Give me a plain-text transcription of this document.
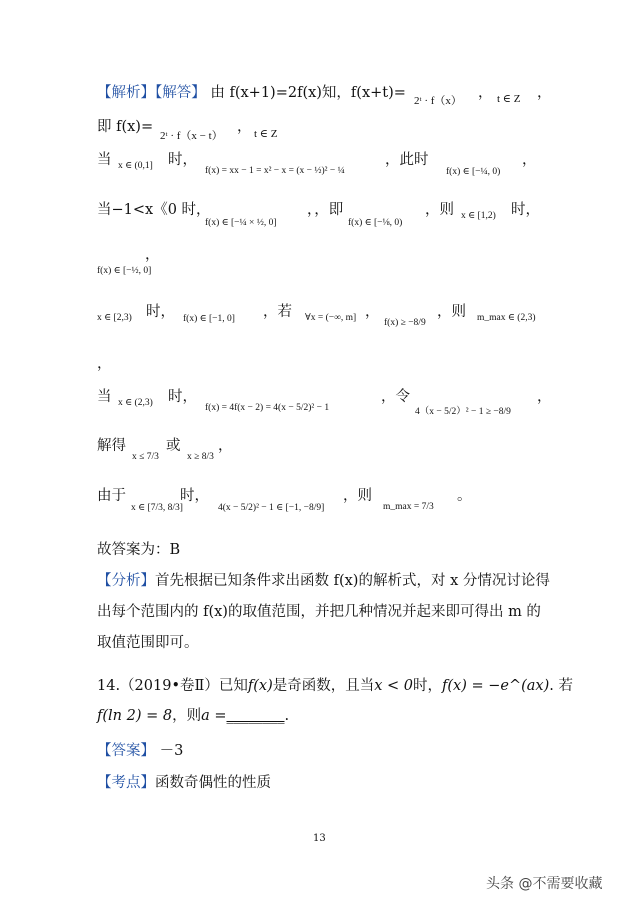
【解析】【解答】 由 f(x+1)=2f(x)知，f(x+t)= 2ᵗ · f（x） ， t ∈ Z ，
即 f(x)=
2ᵗ · f（x − t）
， t ∈ Z
当 x ∈ (0,1] 时，
f(x) = xx − 1 = x² − x = (x − ½)² − ¼
，此时
f(x) ∈ [−¼, 0)
，
当−1<x《0 时，
f(x) ∈ [−¼ × ½, 0]
，，即
f(x) ∈ [−⅛, 0)
，则 x ∈ [1,2) 时，
，
f(x) ∈ [−½, 0]
x ∈ [2,3) 时， f(x) ∈ [−1, 0] ，若 ∀x = (−∞, m] ，
f(x) ≥ −8/9
，则 m_max ∈ (2,3)
，
当 x ∈ (2,3) 时，
f(x) = 4f(x − 2) = 4(x − 5/2)² − 1
，令
4（x − 5/2）² − 1 ≥ −8/9
，
解得
x ≤ 7/3
或
x ≥ 8/3
，
由于
x ∈ [7/3, 8/3]
时，
4(x − 5/2)² − 1 ∈ [−1, −8/9]
，则
m_max = 7/3
。
故答案为：B
【分析】首先根据已知条件求出函数 f(x)的解析式，对 x 分情况讨论得出每个范围内的 f(x)的取值范围，并把几种情况并起来即可得出 m 的取值范围即可。
14.（2019•卷Ⅱ）已知f(x)是奇函数，且当x < 0时，f(x) = −e^(ax). 若
f(ln 2) = 8，则a =________.
【答案】 －3
【考点】函数奇偶性的性质
13
头条 @不需要收藏
